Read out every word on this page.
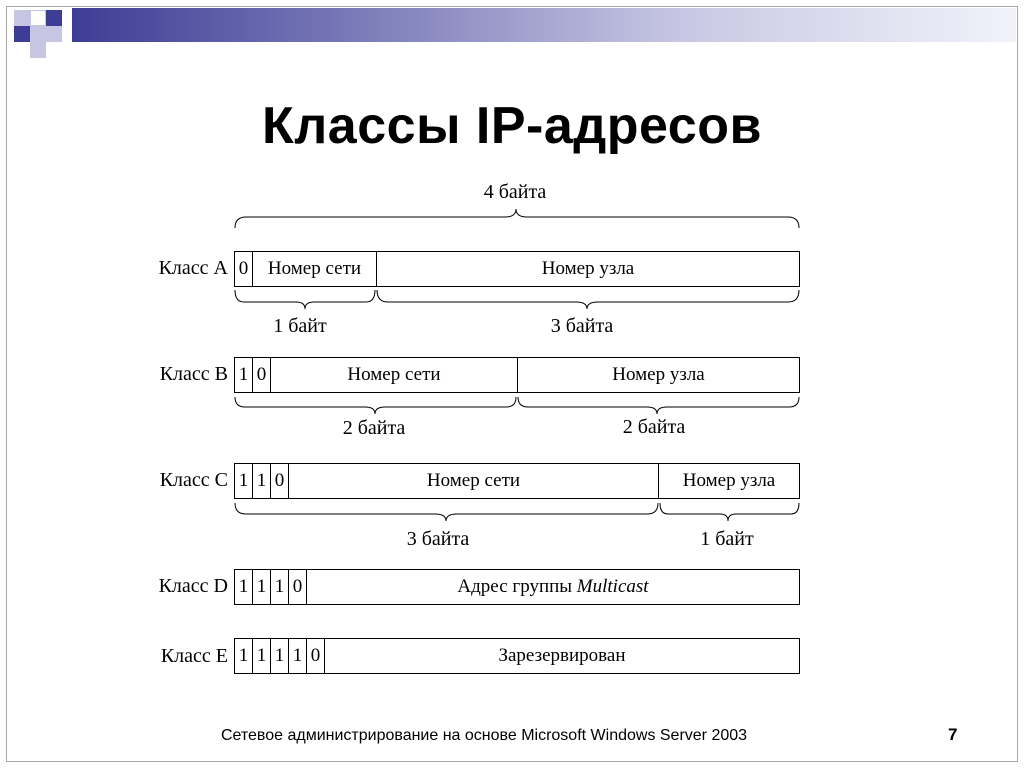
Классы IP-адресов
4 байта
Класс A 0	Номер сети	Номер узла
1 байт	3 байта
Класс B 1 0	Номер сети	Номер узла
2 байта	2 байта
Класс C 1 1 0	Номер сети	Номер узла
3 байта	1 байт
Класс D 1 1 1 0	Адрес группы Multicast
Класс E 1 1 1 1 0	Зарезервирован
Сетевое администрирование на основе Microsoft Windows Server 2003	7
